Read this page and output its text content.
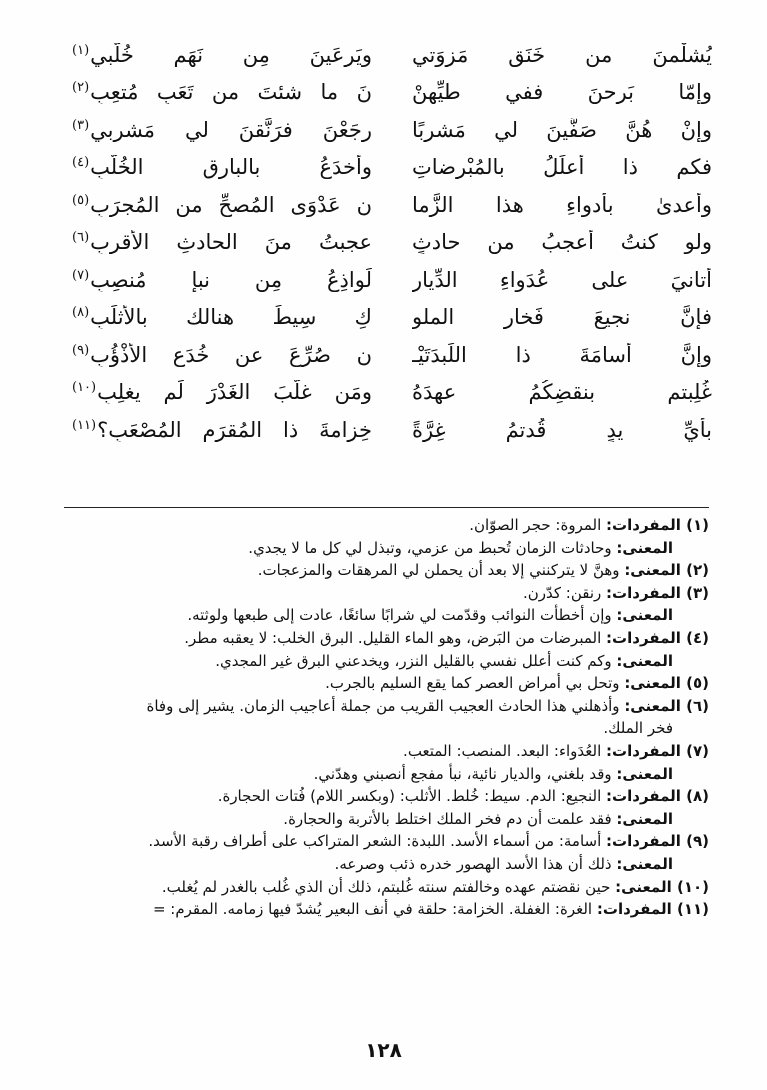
يُشلْمنَ من خَنَقٍ مَزوَتي
ويَرعَينَ مِن نَهَم خُلَّبي$^{(١)}$
وإمّا بَرِحنَ ففي طيِّهِنْ
نَ ما شئتَ من تَعَبٍ مُتعِبِ$^{(٢)}$
وإنْ هُنَّ صَفَّينَ لي مَشربًا
رجَعْنَ فرَنَّقنَ لي مَشربي$^{(٣)}$
فكم ذا أُعلِّلُ بالمُبْرِضاتِ
وأُخدَعُ بالبارقِ الخُلَّبِ$^{(٤)}$
وأُعدىٰ بأدواءِ هذا الزَّما
نِ عَدْوَى المُصحِّ من المُجرَبِ$^{(٥)}$
ولو كنتُ أعجبُ من حادثٍ
عجبتُ منَ الحادثِ الأقربِ$^{(٦)}$
أتانيَ على عُدَواءِ الدِّيارِ
لَواذِعُ مِن نبإٍ مُنصِبِ$^{(٧)}$
فإنَّ نجيعَ فَخارِ الملو
كِ سِيطَ هنالك بالأثلَبِ$^{(٨)}$
وإنَّ أُسامَةَ ذا اللِّبدَتَيْـ
نِ صُرِّعَ عن خُدَعِ الأذْؤُبِ$^{(٩)}$
غُلِبتم بنقضِكُمُ عهدَهُ
ومَن غلَّبَ الغَدْرَ لَم يغلِبِ$^{(١٠)}$
بأيِّ يدٍ قُدتمُ غِرَّةً
خِزامةَ ذا المُقرَمِ المُصْعَبِ؟$^{(١١)}$
(١) المفردات: المروة: حجر الصوّان.
المعنى: وحادثات الزمان تُحبط من عزمي، وتبذل لي كل ما لا يجدي.
(٢) المعنى: وهنَّ لا يتركنني إلا بعد أن يحملن لي المرهقات والمزعجات.
(٣) المفردات: رنقن: كدّرن.
المعنى: وإن أخطأت النوائب وقدّمت لي شرابًا سائغًا، عادت إلى طبعها ولوثته.
(٤) المفردات: المبرضات من البَرض، وهو الماء القليل. البرق الخلب: لا يعقبه مطر.
المعنى: وكم كنت أعلل نفسي بالقليل النزر، ويخدعني البرق غير المجدي.
(٥) المعنى: وتحل بي أمراض العصر كما يقع السليم بالجرب.
(٦) المعنى: وأذهلني هذا الحادث العجيب القريب من جملة أعاجيب الزمان. يشير إلى وفاة
فخر الملك.
(٧) المفردات: العُدَواء: البعد. المنصب: المتعب.
المعنى: وقد بلغني، والديار نائية، نبأ مفجع أنصبني وهدّني.
(٨) المفردات: النجيع: الدم. سيط: خُلط. الأثلب: (وبكسر اللام) فُتات الحجارة.
المعنى: فقد علمت أن دم فخر الملك اختلط بالأتربة والحجارة.
(٩) المفردات: أسامة: من أسماء الأسد. اللبدة: الشعر المتراكب على أطراف رقبة الأسد.
المعنى: ذلك أن هذا الأسد الهصور خدره ذئب وصرعه.
(١٠) المعنى: حين نقضتم عهده وخالفتم سنته غُلبتم، ذلك أن الذي غُلب بالغدر لم يُغلب.
(١١) المفردات: الغرة: الغفلة. الخزامة: حلقة في أنف البعير يُشدّ فيها زمامه. المقرم: =
١٢٨
